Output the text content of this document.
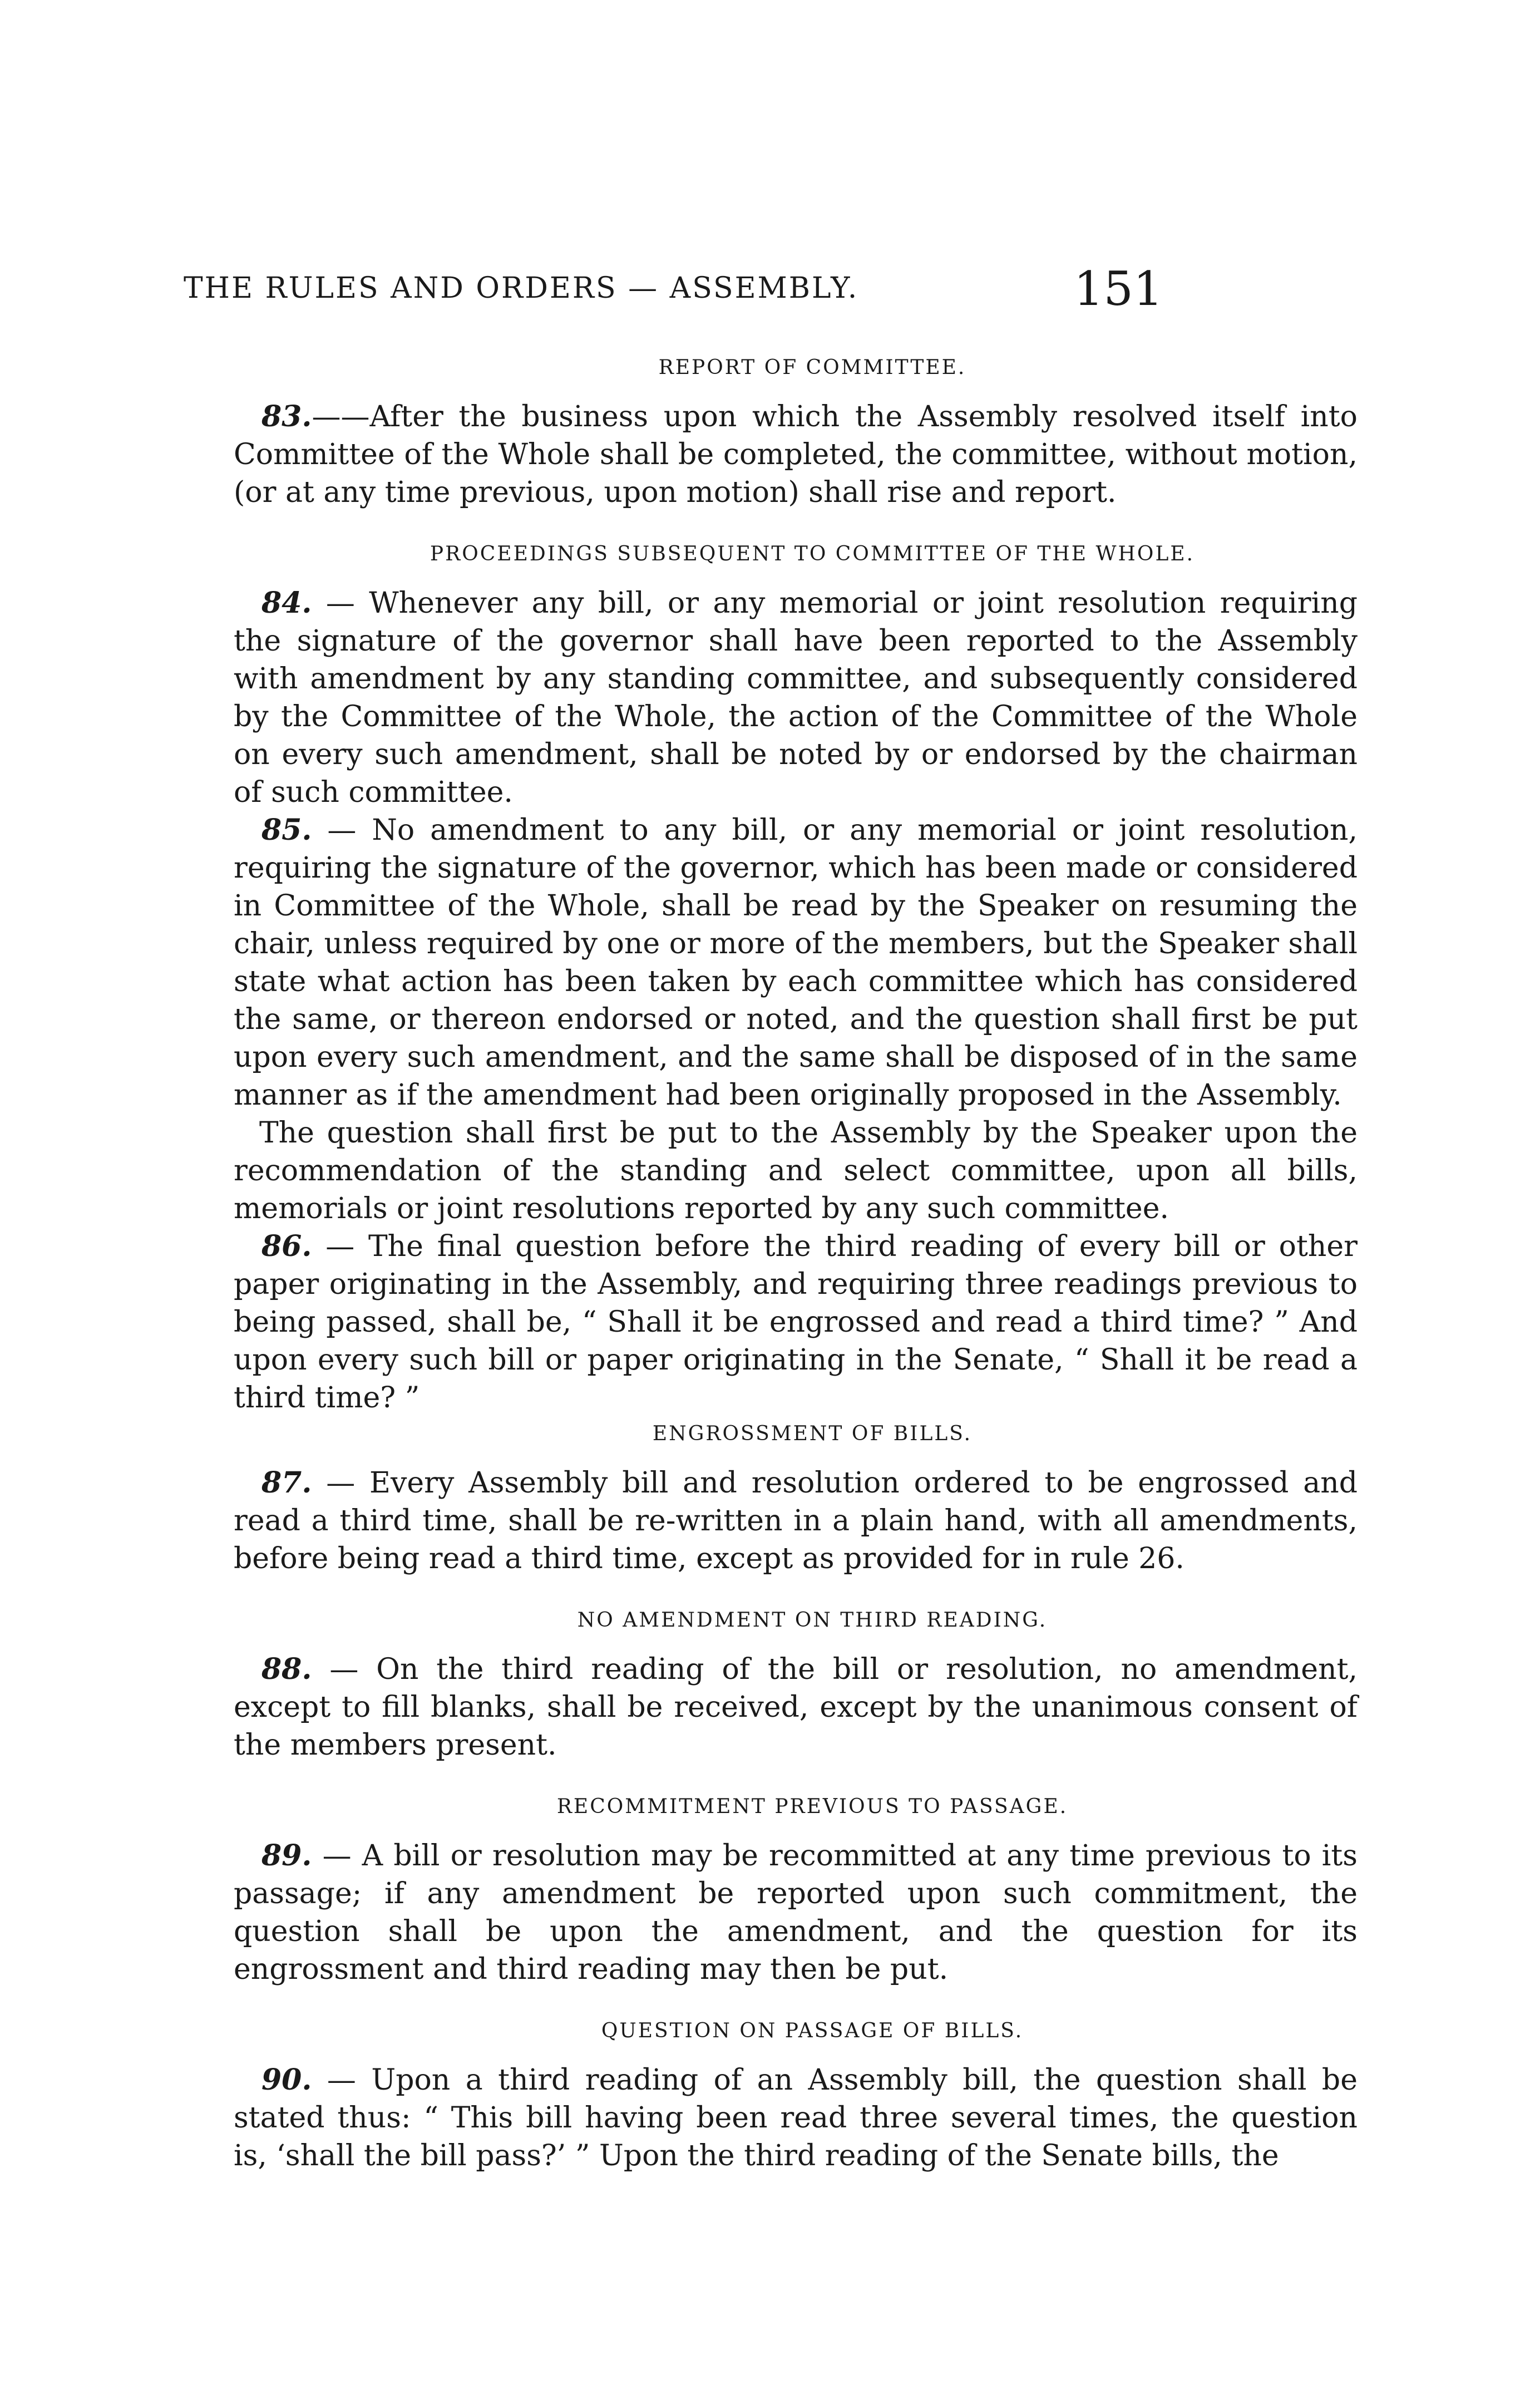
THE RULES AND ORDERS — ASSEMBLY.	151
REPORT OF COMMITTEE.

83.——After the business upon which the Assembly resolved itself into Committee of the Whole shall be completed, the committee, without motion, (or at any time previous, upon motion) shall rise and report.

PROCEEDINGS SUBSEQUENT TO COMMITTEE OF THE WHOLE.

84. — Whenever any bill, or any memorial or joint resolution requiring the signature of the governor shall have been reported to the Assembly with amendment by any standing committee, and subsequently considered by the Committee of the Whole, the action of the Committee of the Whole on every such amendment, shall be noted by or endorsed by the chairman of such committee.

85. — No amendment to any bill, or any memorial or joint resolution, requiring the signature of the governor, which has been made or considered in Committee of the Whole, shall be read by the Speaker on resuming the chair, unless required by one or more of the members, but the Speaker shall state what action has been taken by each committee which has considered the same, or thereon endorsed or noted, and the question shall first be put upon every such amendment, and the same shall be disposed of in the same manner as if the amendment had been originally proposed in the Assembly.

The question shall first be put to the Assembly by the Speaker upon the recommendation of the standing and select committee, upon all bills, memorials or joint resolutions reported by any such committee.

86. — The final question before the third reading of every bill or other paper originating in the Assembly, and requiring three readings previous to being passed, shall be, “ Shall it be engrossed and read a third time? ” And upon every such bill or paper originating in the Senate, “ Shall it be read a third time? ”

ENGROSSMENT OF BILLS.

87. — Every Assembly bill and resolution ordered to be engrossed and read a third time, shall be re-written in a plain hand, with all amendments, before being read a third time, except as provided for in rule 26.

NO AMENDMENT ON THIRD READING.

88. — On the third reading of the bill or resolution, no amendment, except to fill blanks, shall be received, except by the unanimous consent of the members present.

RECOMMITMENT PREVIOUS TO PASSAGE.

89. — A bill or resolution may be recommitted at any time previous to its passage; if any amendment be reported upon such commitment, the question shall be upon the amendment, and the question for its engrossment and third reading may then be put.

QUESTION ON PASSAGE OF BILLS.

90. — Upon a third reading of an Assembly bill, the question shall be stated thus: “ This bill having been read three several times, the question is, ‘shall the bill pass?’ ” Upon the third reading of the Senate bills, the
